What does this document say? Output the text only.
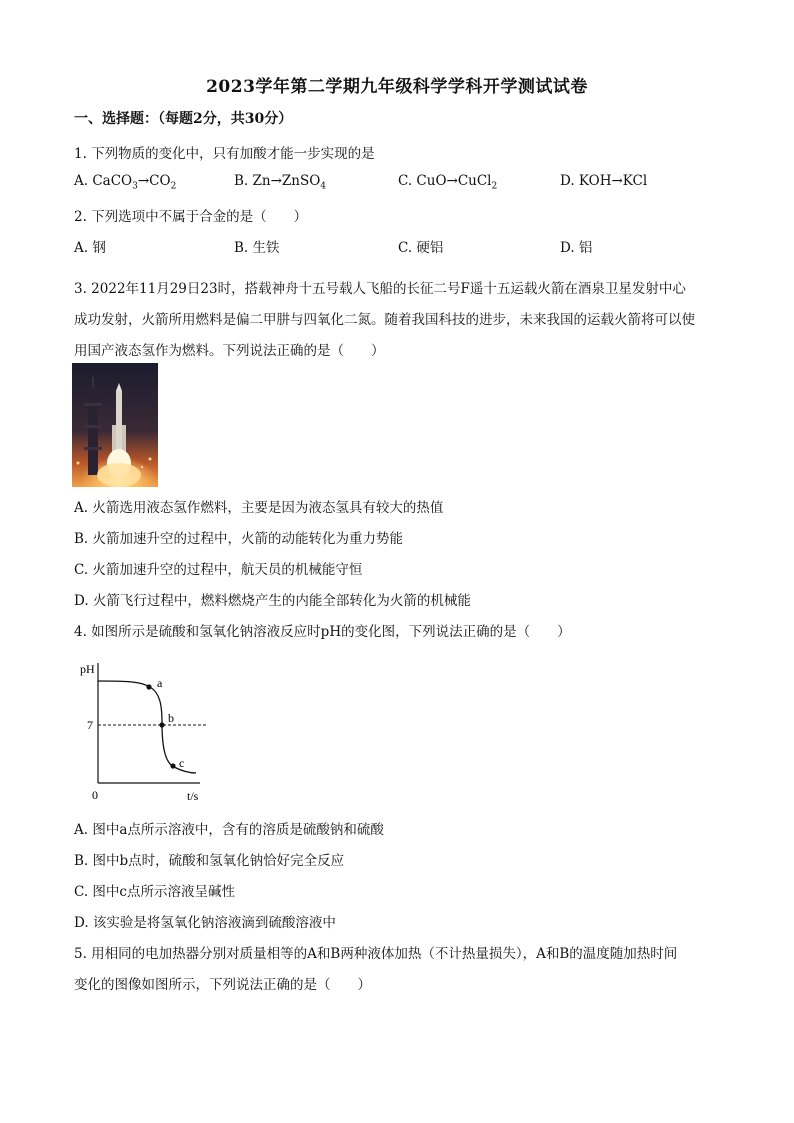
2023学年第二学期九年级科学学科开学测试试卷
一、选择题：（每题2分，共30分）
1. 下列物质的变化中，只有加酸才能一步实现的是
A. $CaCO_3\to CO_2$	B. Zn→ZnSO$_4$	C. CuO→CuCl$_2$	D. KOH→KCl
2. 下列选项中不属于合金的是（　　）
A. 钢	B. 生铁	C. 硬铝	D. 铝
3. 2022年11月29日23时，搭载神舟十五号载人飞船的长征二号F遥十五运载火箭在酒泉卫星发射中心
成功发射，火箭所用燃料是偏二甲肼与四氧化二氮。随着我国科技的进步，未来我国的运载火箭将可以使
用国产液态氢作为燃料。下列说法正确的是（　　）
A. 火箭选用液态氢作燃料，主要是因为液态氢具有较大的热值
B. 火箭加速升空的过程中，火箭的动能转化为重力势能
C. 火箭加速升空的过程中，航天员的机械能守恒
D. 火箭飞行过程中，燃料燃烧产生的内能全部转化为火箭的机械能
4. 如图所示是硫酸和氢氧化钠溶液反应时pH的变化图，下列说法正确的是（　　）
pH
7
0	t/s
a
b
c
A. 图中a点所示溶液中，含有的溶质是硫酸钠和硫酸
B. 图中b点时，硫酸和氢氧化钠恰好完全反应
C. 图中c点所示溶液呈碱性
D. 该实验是将氢氧化钠溶液滴到硫酸溶液中
5. 用相同的电加热器分别对质量相等的A和B两种液体加热（不计热量损失），A和B的温度随加热时间
变化的图像如图所示，下列说法正确的是（　　）
